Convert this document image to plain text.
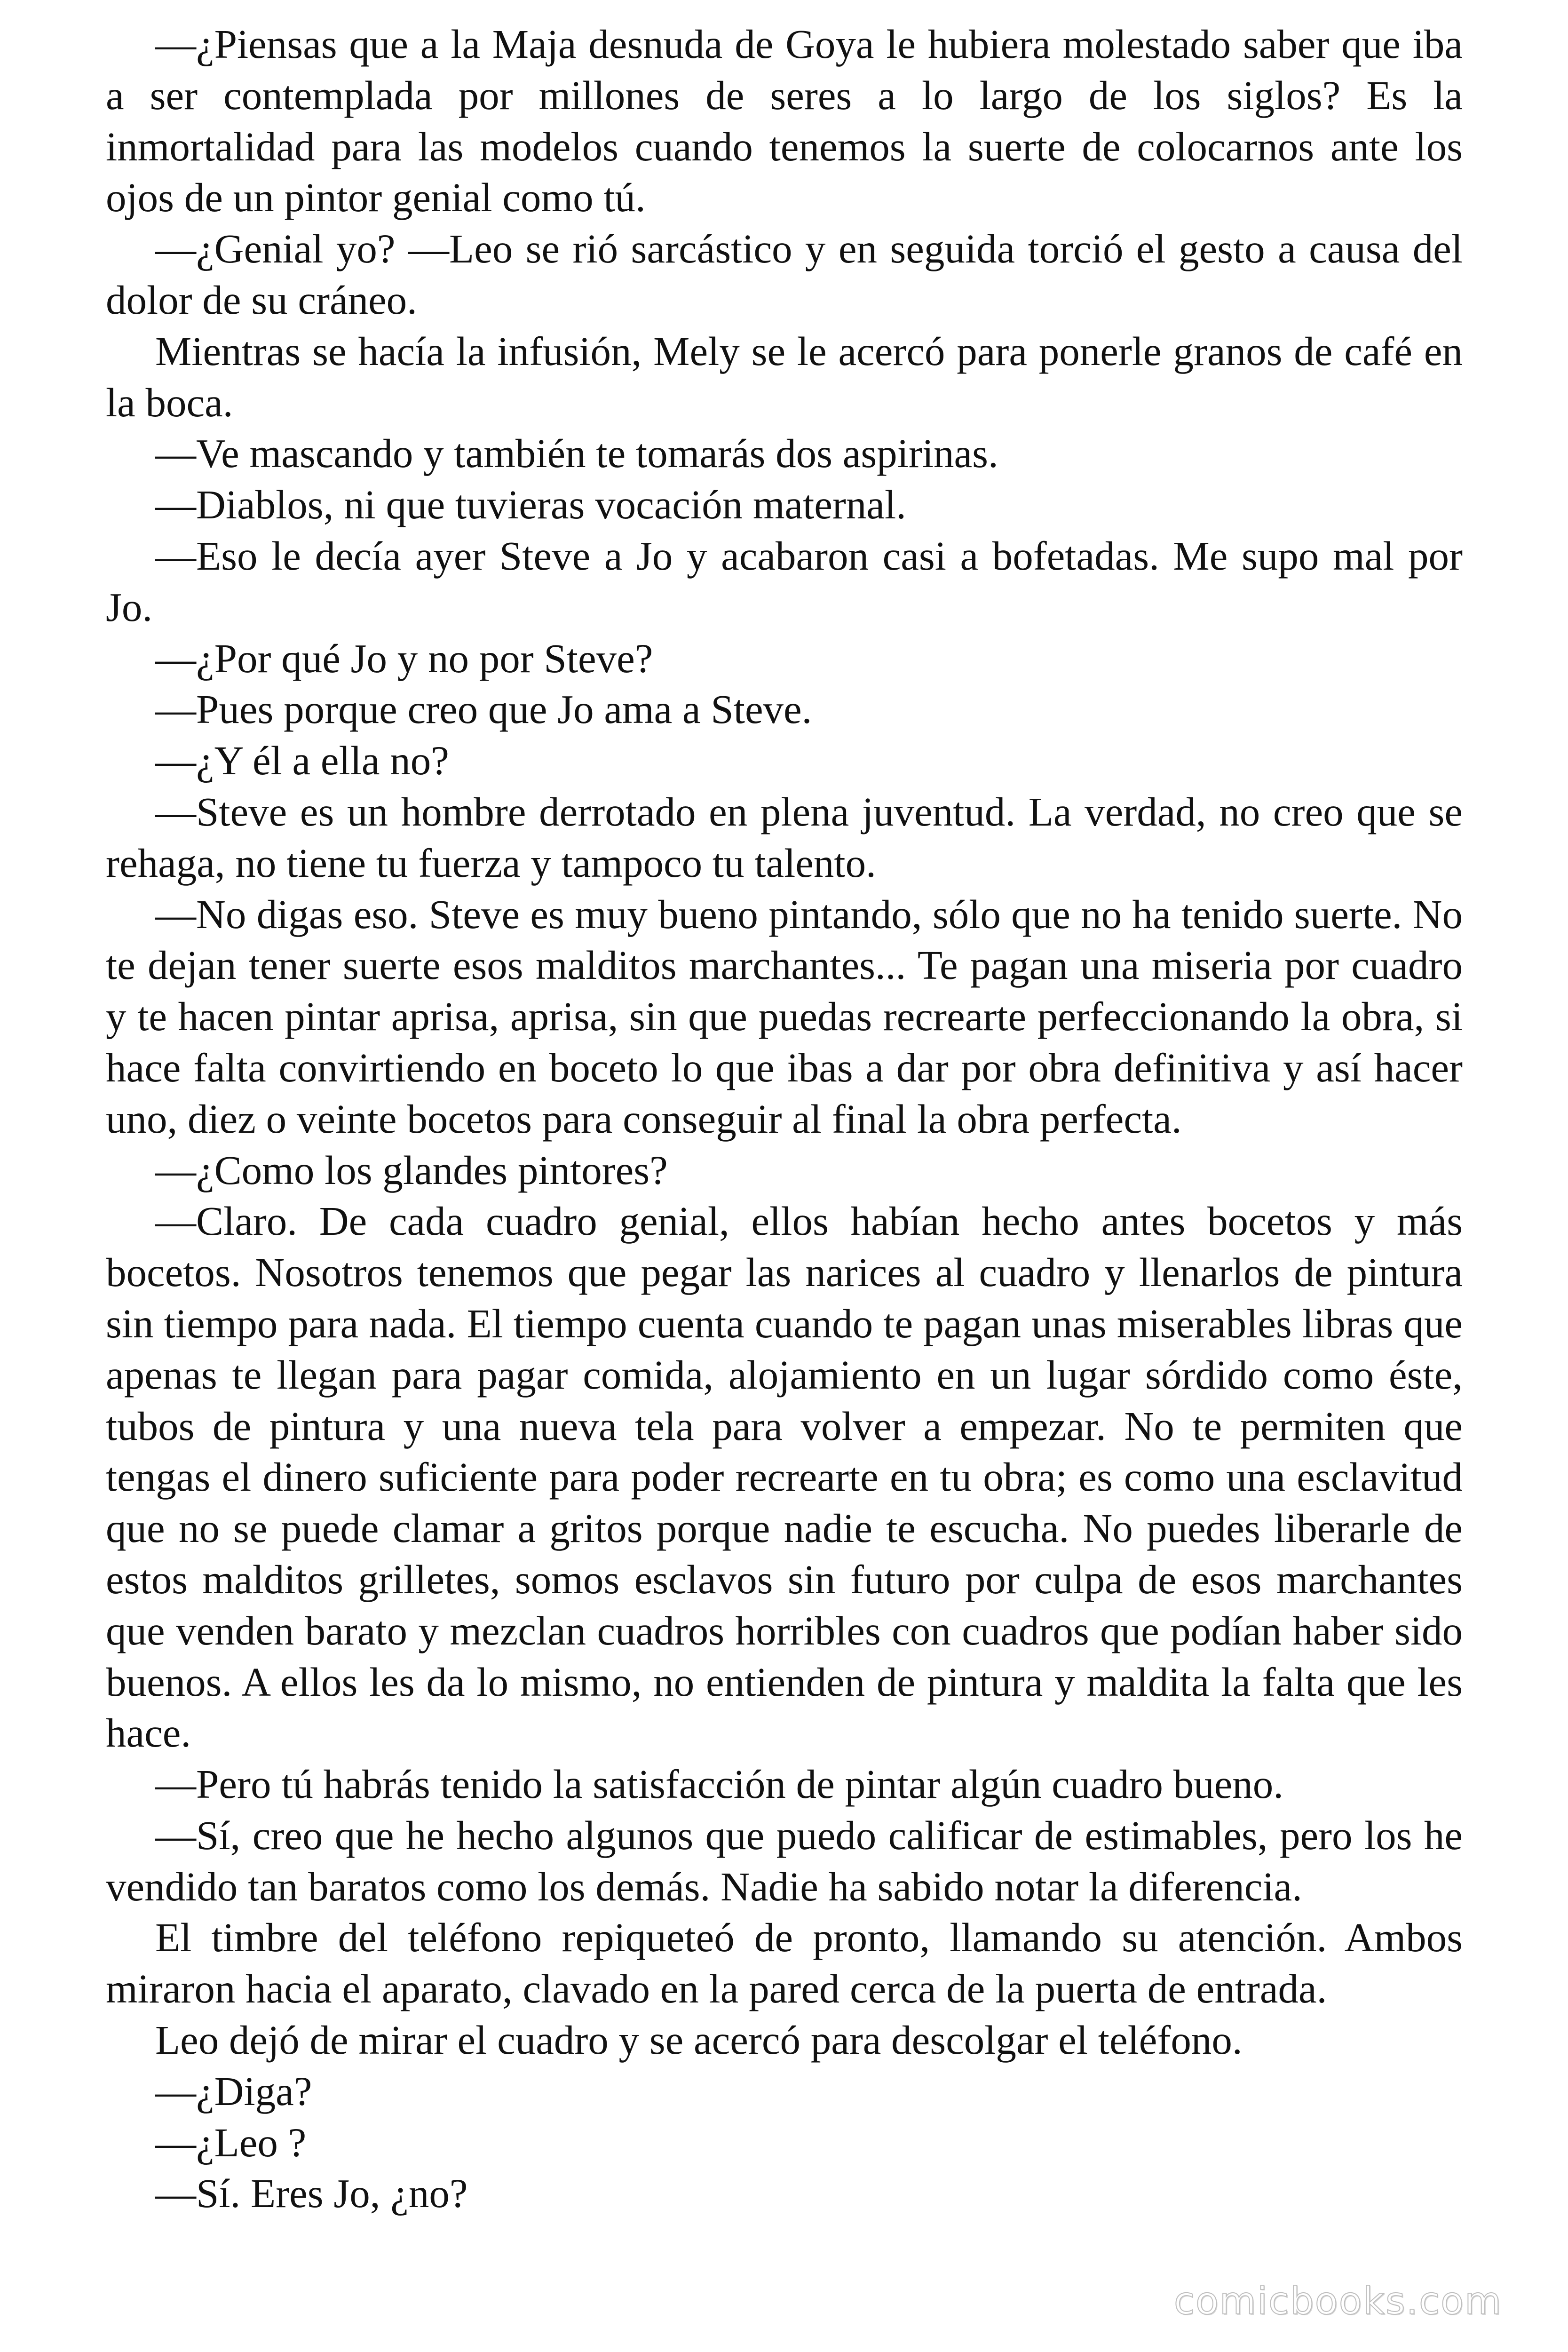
—¿Piensas que a la Maja desnuda de Goya le hubiera molestado saber que iba a ser contemplada por millones de seres a lo largo de los siglos? Es la inmortalidad para las modelos cuando tenemos la suerte de colocarnos ante los ojos de un pintor genial como tú.

—¿Genial yo? —Leo se rió sarcástico y en seguida torció el gesto a causa del dolor de su cráneo.

Mientras se hacía la infusión, Mely se le acercó para ponerle granos de café en la boca.

—Ve mascando y también te tomarás dos aspirinas.

—Diablos, ni que tuvieras vocación maternal.

—Eso le decía ayer Steve a Jo y acabaron casi a bofetadas. Me supo mal por Jo.

—¿Por qué Jo y no por Steve?

—Pues porque creo que Jo ama a Steve.

—¿Y él a ella no?

—Steve es un hombre derrotado en plena juventud. La verdad, no creo que se rehaga, no tiene tu fuerza y tampoco tu talento.

—No digas eso. Steve es muy bueno pintando, sólo que no ha tenido suerte. No te dejan tener suerte esos malditos marchantes... Te pagan una miseria por cuadro y te hacen pintar aprisa, aprisa, sin que puedas recrearte perfeccionando la obra, si hace falta convirtiendo en boceto lo que ibas a dar por obra definitiva y así hacer uno, diez o veinte bocetos para conseguir al final la obra perfecta.

—¿Como los glandes pintores?

—Claro. De cada cuadro genial, ellos habían hecho antes bocetos y más bocetos. Nosotros tenemos que pegar las narices al cuadro y llenarlos de pintura sin tiempo para nada. El tiempo cuenta cuando te pagan unas miserables libras que apenas te llegan para pagar comida, alojamiento en un lugar sórdido como éste, tubos de pintura y una nueva tela para volver a empezar. No te permiten que tengas el dinero suficiente para poder recrearte en tu obra; es como una esclavitud que no se puede clamar a gritos porque nadie te escucha. No puedes liberarle de estos malditos grilletes, somos esclavos sin futuro por culpa de esos marchantes que venden barato y mezclan cuadros horribles con cuadros que podían haber sido buenos. A ellos les da lo mismo, no entienden de pintura y maldita la falta que les hace.

—Pero tú habrás tenido la satisfacción de pintar algún cuadro bueno.

—Sí, creo que he hecho algunos que puedo calificar de estimables, pero los he vendido tan baratos como los demás. Nadie ha sabido notar la diferencia.

El timbre del teléfono repiqueteó de pronto, llamando su atención. Ambos miraron hacia el aparato, clavado en la pared cerca de la puerta de entrada.

Leo dejó de mirar el cuadro y se acercó para descolgar el teléfono.

—¿Diga?

—¿Leo ?

—Sí. Eres Jo, ¿no?

comicbooks.com
